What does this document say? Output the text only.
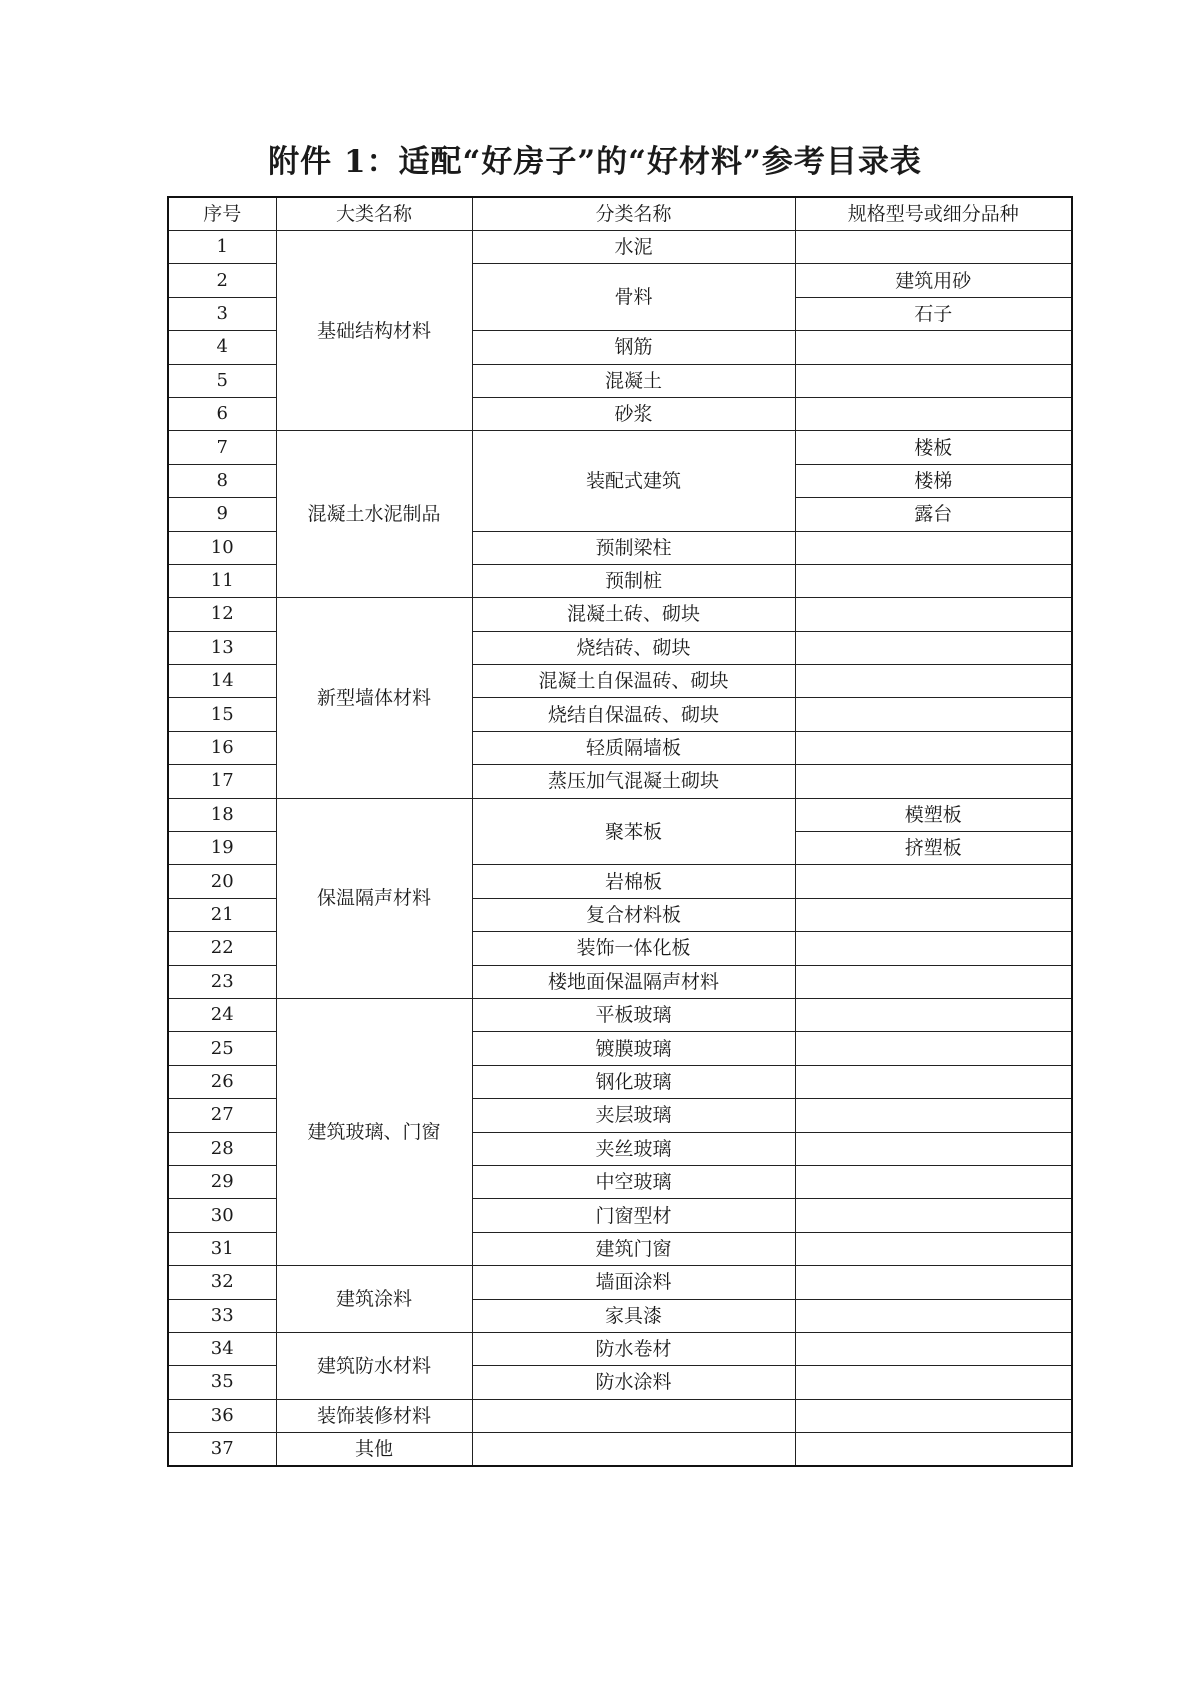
附件 1：适配“好房子”的“好材料”参考目录表
序号	大类名称	分类名称	规格型号或细分品种
1	基础结构材料	水泥	
2		骨料	建筑用砂
3			石子
4		钢筋	
5		混凝土	
6		砂浆	
7	混凝土水泥制品	装配式建筑	楼板
8			楼梯
9			露台
10		预制梁柱	
11		预制桩	
12	新型墙体材料	混凝土砖、砌块	
13		烧结砖、砌块	
14		混凝土自保温砖、砌块	
15		烧结自保温砖、砌块	
16		轻质隔墙板	
17		蒸压加气混凝土砌块	
18	保温隔声材料	聚苯板	模塑板
19			挤塑板
20		岩棉板	
21		复合材料板	
22		装饰一体化板	
23		楼地面保温隔声材料	
24	建筑玻璃、门窗	平板玻璃	
25		镀膜玻璃	
26		钢化玻璃	
27		夹层玻璃	
28		夹丝玻璃	
29		中空玻璃	
30		门窗型材	
31		建筑门窗	
32	建筑涂料	墙面涂料	
33		家具漆	
34	建筑防水材料	防水卷材	
35		防水涂料	
36	装饰装修材料		
37	其他		
